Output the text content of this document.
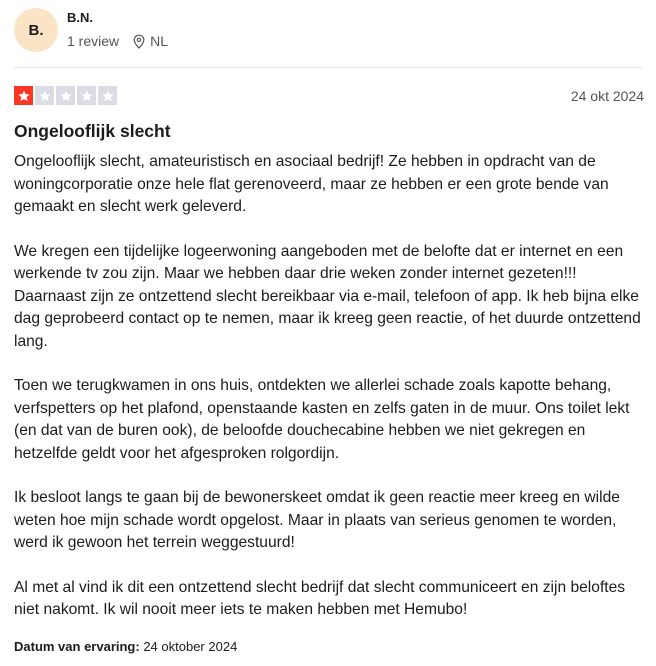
B.
B.N.
1 review NL
24 okt 2024
Ongelooflijk slecht

Ongelooflijk slecht, amateuristisch en asociaal bedrijf! Ze hebben in opdracht van de woningcorporatie onze hele flat gerenoveerd, maar ze hebben er een grote bende van gemaakt en slecht werk geleverd.

We kregen een tijdelijke logeerwoning aangeboden met de belofte dat er internet en een werkende tv zou zijn. Maar we hebben daar drie weken zonder internet gezeten!!! Daarnaast zijn ze ontzettend slecht bereikbaar via e-mail, telefoon of app. Ik heb bijna elke dag geprobeerd contact op te nemen, maar ik kreeg geen reactie, of het duurde ontzettend lang.

Toen we terugkwamen in ons huis, ontdekten we allerlei schade zoals kapotte behang, verfspetters op het plafond, openstaande kasten en zelfs gaten in de muur. Ons toilet lekt (en dat van de buren ook), de beloofde douchecabine hebben we niet gekregen en hetzelfde geldt voor het afgesproken rolgordijn.

Ik besloot langs te gaan bij de bewonerskeet omdat ik geen reactie meer kreeg en wilde weten hoe mijn schade wordt opgelost. Maar in plaats van serieus genomen te worden, werd ik gewoon het terrein weggestuurd!

Al met al vind ik dit een ontzettend slecht bedrijf dat slecht communiceert en zijn beloftes niet nakomt. Ik wil nooit meer iets te maken hebben met Hemubo!

Datum van ervaring: 24 oktober 2024
